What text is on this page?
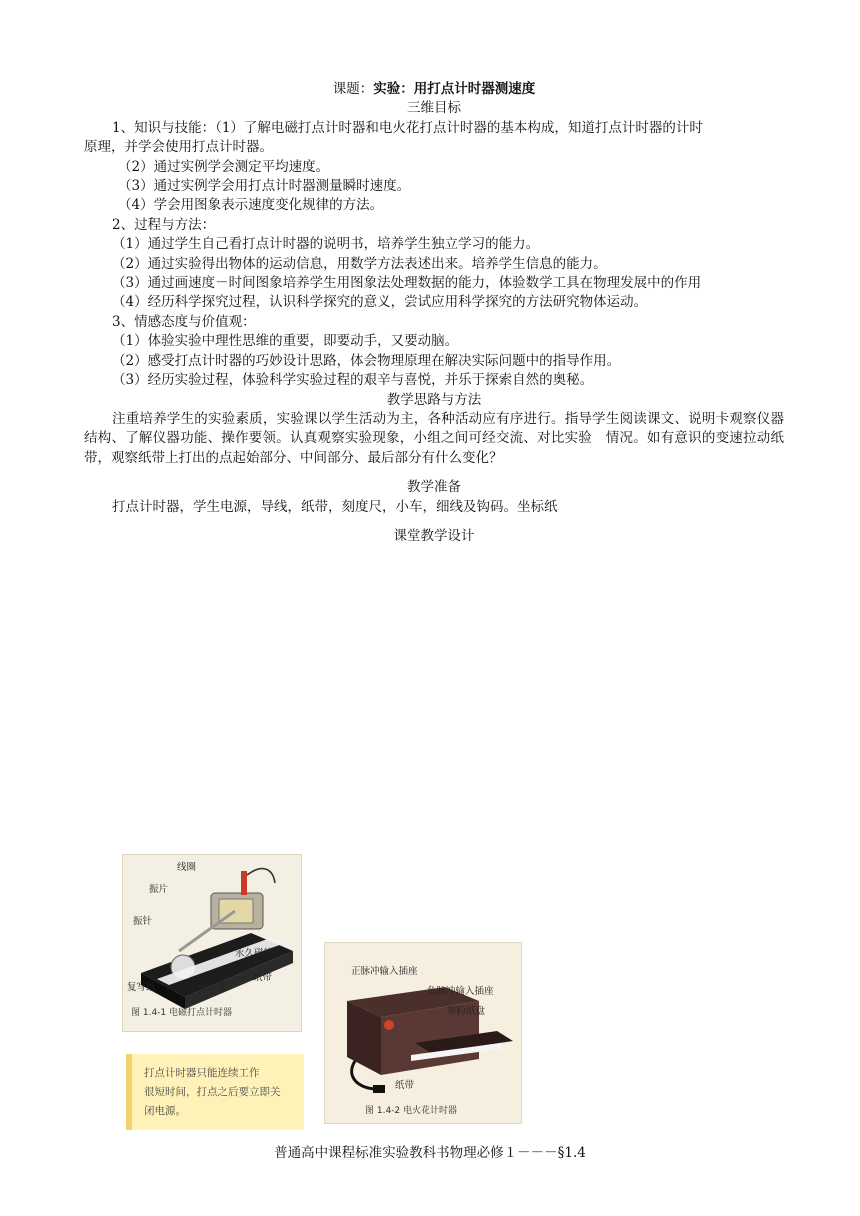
课题：实验：用打点计时器测速度
三维目标
1、知识与技能：（1）了解电磁打点计时器和电火花打点计时器的基本构成，知道打点计时器的计时
原理，并学会使用打点计时器。
（2）通过实例学会测定平均速度。
（3）通过实例学会用打点计时器测量瞬时速度。
（4）学会用图象表示速度变化规律的方法。
2、过程与方法：
（1）通过学生自己看打点计时器的说明书，培养学生独立学习的能力。
（2）通过实验得出物体的运动信息，用数学方法表述出来。培养学生信息的能力。
（3）通过画速度－时间图象培养学生用图象法处理数据的能力，体验数学工具在物理发展中的作用
（4）经历科学探究过程，认识科学探究的意义，尝试应用科学探究的方法研究物体运动。
3、情感态度与价值观：
（1）体验实验中理性思维的重要，即要动手，又要动脑。
（2）感受打点计时器的巧妙设计思路，体会物理原理在解决实际问题中的指导作用。
（3）经历实验过程，体验科学实验过程的艰辛与喜悦，并乐于探索自然的奥秘。
教学思路与方法
注重培养学生的实验素质，实验课以学生活动为主，各种活动应有序进行。指导学生阅读课文、说明卡观察仪器结构、了解仪器功能、操作要领。认真观察实验现象，小组之间可经交流、对比实验　情况。如有意识的变速拉动纸带，观察纸带上打出的点起始部分、中间部分、最后部分有什么变化？
教学准备
打点计时器，学生电源，导线，纸带，刻度尺，小车，细线及钩码。坐标纸
课堂教学设计
线圈
振片
振针
永久磁铁
纸带
限位孔
复写纸
图 1.4-1 电磁打点计时器
打点计时器只能连续工作
很短时间，打点之后要立即关
闭电源。
正脉冲输入插座
负脉冲输入插座
墨粉纸盘
纸带
图 1.4-2 电火花计时器
普通高中课程标准实验教科书物理必修１－－－§1.4
